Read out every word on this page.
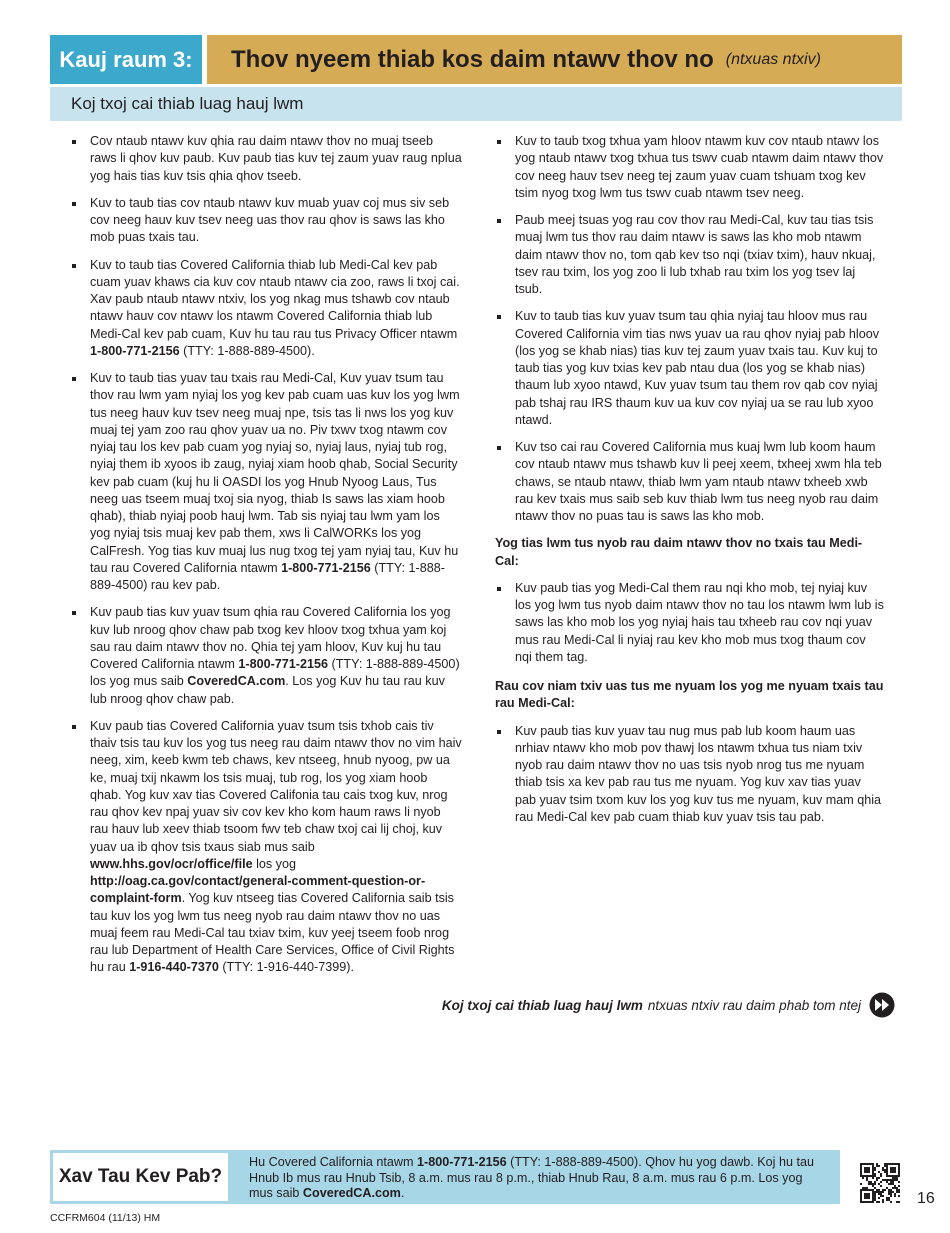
Kauj raum 3:	Thov nyeem thiab kos daim ntawv thov no (ntxuas ntxiv)
Koj txoj cai thiab luag hauj lwm
Cov ntaub ntawv kuv qhia rau daim ntawv thov no muaj tseeb raws li qhov kuv paub. Kuv paub tias kuv tej zaum yuav raug nplua yog hais tias kuv tsis qhia qhov tseeb.
Kuv to taub tias cov ntaub ntawv kuv muab yuav coj mus siv seb cov neeg hauv kuv tsev neeg uas thov rau qhov is saws las kho mob puas txais tau.
Kuv to taub tias Covered California thiab lub Medi-Cal kev pab cuam yuav khaws cia kuv cov ntaub ntawv cia zoo, raws li txoj cai. Xav paub ntaub ntawv ntxiv, los yog nkag mus tshawb cov ntaub ntawv hauv cov ntawv los ntawm Covered California thiab lub Medi-Cal kev pab cuam, Kuv hu tau rau tus Privacy Officer ntawm 1-800-771-2156 (TTY: 1-888-889-4500).
Kuv to taub tias yuav tau txais rau Medi-Cal, Kuv yuav tsum tau thov rau lwm yam nyiaj los yog kev pab cuam uas kuv los yog lwm tus neeg hauv kuv tsev neeg muaj npe, tsis tas li nws los yog kuv muaj tej yam zoo rau qhov yuav ua no. Piv txwv txog ntawm cov nyiaj tau los kev pab cuam yog nyiaj so, nyiaj laus, nyiaj tub rog, nyiaj them ib xyoos ib zaug, nyiaj xiam hoob qhab, Social Security kev pab cuam (kuj hu li OASDI los yog Hnub Nyoog Laus, Tus neeg uas tseem muaj txoj sia nyog, thiab Is saws las xiam hoob qhab), thiab nyiaj poob hauj lwm. Tab sis nyiaj tau lwm yam los yog nyiaj tsis muaj kev pab them, xws li CalWORKs los yog CalFresh. Yog tias kuv muaj lus nug txog tej yam nyiaj tau, Kuv hu tau rau Covered California ntawm 1-800-771-2156 (TTY: 1-888-889-4500) rau kev pab.
Kuv paub tias kuv yuav tsum qhia rau Covered California los yog kuv lub nroog qhov chaw pab txog kev hloov txog txhua yam koj sau rau daim ntawv thov no. Qhia tej yam hloov, Kuv kuj hu tau Covered California ntawm 1-800-771-2156 (TTY: 1-888-889-4500) los yog mus saib CoveredCA.com. Los yog Kuv hu tau rau kuv lub nroog qhov chaw pab.
Kuv paub tias Covered California yuav tsum tsis txhob cais tiv thaiv tsis tau kuv los yog tus neeg rau daim ntawv thov no vim haiv neeg, xim, keeb kwm teb chaws, kev ntseeg, hnub nyoog, pw ua ke, muaj txij nkawm los tsis muaj, tub rog, los yog xiam hoob qhab. Yog kuv xav tias Covered Califonia tau cais txog kuv, nrog rau qhov kev npaj yuav siv cov kev kho kom haum raws li nyob rau hauv lub xeev thiab tsoom fwv teb chaw txoj cai lij choj, kuv yuav ua ib qhov tsis txaus siab mus saib www.hhs.gov/ocr/office/file los yog http://oag.ca.gov/contact/general-comment-question-or-complaint-form. Yog kuv ntseeg tias Covered California saib tsis tau kuv los yog lwm tus neeg nyob rau daim ntawv thov no uas muaj feem rau Medi-Cal tau txiav txim, kuv yeej tseem foob nrog rau lub Department of Health Care Services, Office of Civil Rights hu rau 1-916-440-7370 (TTY: 1-916-440-7399).
Kuv to taub txog txhua yam hloov ntawm kuv cov ntaub ntawv los yog ntaub ntawv txog txhua tus tswv cuab ntawm daim ntawv thov cov neeg hauv tsev neeg tej zaum yuav cuam tshuam txog kev tsim nyog txog lwm tus tswv cuab ntawm tsev neeg.
Paub meej tsuas yog rau cov thov rau Medi-Cal, kuv tau tias tsis muaj lwm tus thov rau daim ntawv is saws las kho mob ntawm daim ntawv thov no, tom qab kev tso nqi (txiav txim), hauv nkuaj, tsev rau txim, los yog zoo li lub txhab rau txim los yog tsev laj tsub.
Kuv to taub tias kuv yuav tsum tau qhia nyiaj tau hloov mus rau Covered California vim tias nws yuav ua rau qhov nyiaj pab hloov (los yog se khab nias) tias kuv tej zaum yuav txais tau. Kuv kuj to taub tias yog kuv txias kev pab ntau dua (los yog se khab nias) thaum lub xyoo ntawd, Kuv yuav tsum tau them rov qab cov nyiaj pab tshaj rau IRS thaum kuv ua kuv cov nyiaj ua se rau lub xyoo ntawd.
Kuv tso cai rau Covered California mus kuaj lwm lub koom haum cov ntaub ntawv mus tshawb kuv li peej xeem, txheej xwm hla teb chaws, se ntaub ntawv, thiab lwm yam ntaub ntawv txheeb xwb rau kev txais mus saib seb kuv thiab lwm tus neeg nyob rau daim ntawv thov no puas tau is saws las kho mob.

Yog tias lwm tus nyob rau daim ntawv thov no txais tau Medi-Cal:

Kuv paub tias yog Medi-Cal them rau nqi kho mob, tej nyiaj kuv los yog lwm tus nyob daim ntawv thov no tau los ntawm lwm lub is saws las kho mob los yog nyiaj hais tau txheeb rau cov nqi yuav mus rau Medi-Cal li nyiaj rau kev kho mob mus txog thaum cov nqi them tag.

Rau cov niam txiv uas tus me nyuam los yog me nyuam txais tau rau Medi-Cal:

Kuv paub tias kuv yuav tau nug mus pab lub koom haum uas nrhiav ntawv kho mob pov thawj los ntawm txhua tus niam txiv nyob rau daim ntawv thov no uas tsis nyob nrog tus me nyuam thiab tsis xa kev pab rau tus me nyuam. Yog kuv xav tias yuav pab yuav tsim txom kuv los yog kuv tus me nyuam, kuv mam qhia rau Medi-Cal kev pab cuam thiab kuv yuav tsis tau pab.
Koj txoj cai thiab luag hauj lwm ntxuas ntxiv rau daim phab tom ntej
Xav Tau Kev Pab?
Hu Covered California ntawm 1-800-771-2156 (TTY: 1-888-889-4500). Qhov hu yog dawb. Koj hu tau Hnub Ib mus rau Hnub Tsib, 8 a.m. mus rau 8 p.m., thiab Hnub Rau, 8 a.m. mus rau 6 p.m. Los yog mus saib CoveredCA.com.	16
CCFRM604 (11/13) HM
